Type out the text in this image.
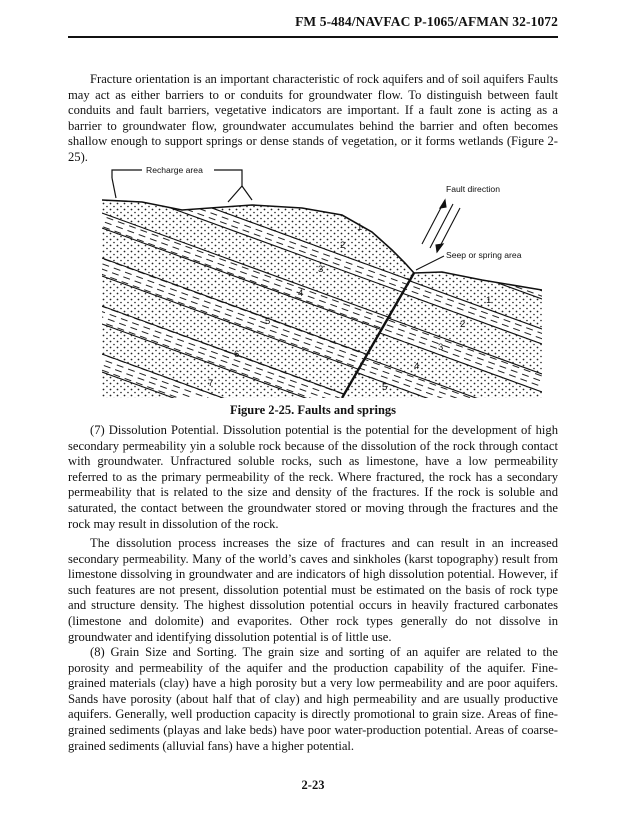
FM 5-484/NAVFAC P-1065/AFMAN 32-1072

Fracture orientation is an important characteristic of rock aquifers and of soil aquifers Faults may act as either barriers to or conduits for groundwater flow. To distinguish between fault conduits and fault barriers, vegetative indicators are important. If a fault zone is acting as a barrier to groundwater flow, groundwater accumulates behind the barrier and often becomes shallow enough to support springs or dense stands of vegetation, or it forms wetlands (Figure 2-25).

Recharge area
Fault direction
Seep or spring area
1
2
3
4
5
6
7
1
2
3
4
5
Figure 2-25. Faults and springs

(7) Dissolution Potential. Dissolution potential is the potential for the development of high secondary permeability yin a soluble rock because of the dissolution of the rock through contact with groundwater. Unfractured soluble rocks, such as limestone, have a low permeability referred to as the primary permeability of the reck. Where fractured, the rock has a secondary permeability that is related to the size and density of the fractures. If the rock is soluble and saturated, the contact between the groundwater stored or moving through the fractures and the rock may result in dissolution of the rock.

The dissolution process increases the size of fractures and can result in an increased secondary permeability. Many of the world’s caves and sinkholes (karst topography) result from limestone dissolving in groundwater and are indicators of high dissolution potential. However, if such features are not present, dissolution potential must be estimated on the basis of rock type and structure density. The highest dissolution potential occurs in heavily fractured carbonates (limestone and dolomite) and evaporites. Other rock types generally do not dissolve in groundwater and identifying dissolution potential is of little use.

(8) Grain Size and Sorting. The grain size and sorting of an aquifer are related to the porosity and permeability of the aquifer and the production capability of the aquifer. Fine-grained materials (clay) have a high porosity but a very low permeability and are poor aquifers. Sands have porosity (about half that of clay) and high permeability and are usually productive aquifers. Generally, well production capacity is directly promotional to grain size. Areas of fine-grained sediments (playas and lake beds) have poor water-production potential. Areas of coarse-grained sediments (alluvial fans) have a higher potential.

2-23
